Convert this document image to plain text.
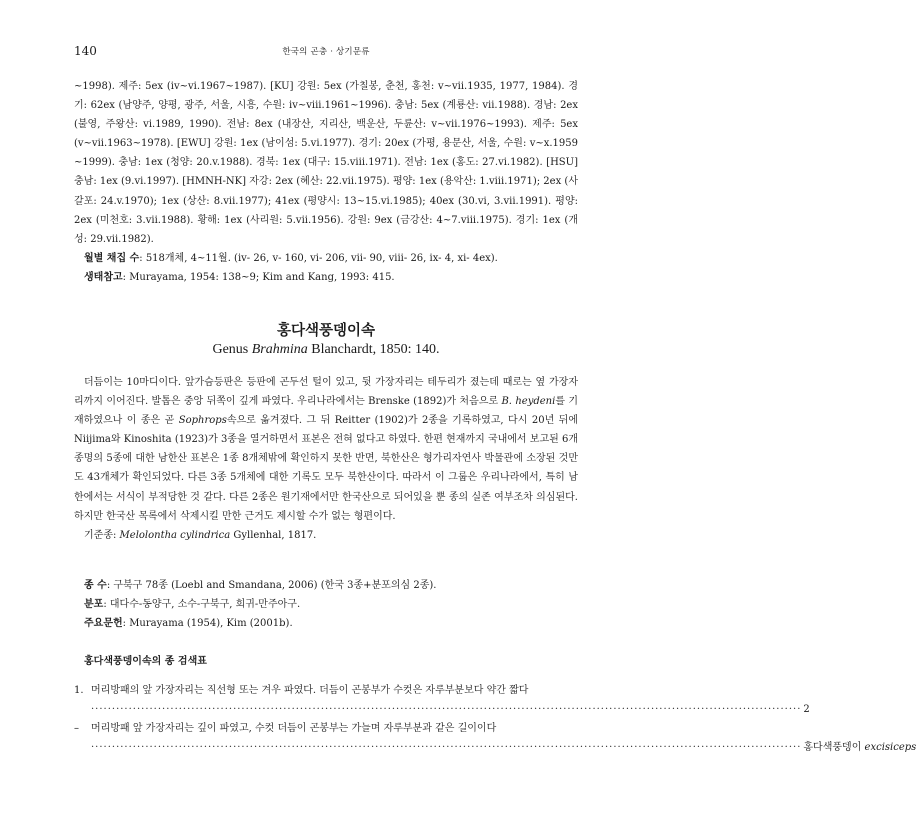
140	한국의 곤충 · 상기문류

~1998). 제주: 5ex (iv~vi.1967~1987). [KU] 강원: 5ex (가칠봉, 춘천, 홍천: v~vii.1935, 1977, 1984). 경기: 62ex (남양주, 양평, 광주, 서울, 시흥, 수원: iv~viii.1961~1996). 충남: 5ex (계룡산: vii.1988). 경남: 2ex (불영, 주왕산: vi.1989, 1990). 전남: 8ex (내장산, 지리산, 백운산, 두륜산: v~vii.1976~1993). 제주: 5ex (v~vii.1963~1978). [EWU] 강원: 1ex (남이섬: 5.vi.1977). 경기: 20ex (가평, 용문산, 서울, 수원: v~x.1959 ~1999). 충남: 1ex (청양: 20.v.1988). 경북: 1ex (대구: 15.viii.1971). 전남: 1ex (홍도: 27.vi.1982). [HSU] 충남: 1ex (9.vi.1997). [HMNH-NK] 자강: 2ex (혜산: 22.vii.1975). 평양: 1ex (용악산: 1.viii.1971); 2ex (사갈포: 24.v.1970); 1ex (상산: 8.vii.1977); 41ex (평양시: 13~15.vi.1985); 40ex (30.vi, 3.vii.1991). 평양: 2ex (미천호: 3.vii.1988). 황해: 1ex (사리원: 5.vii.1956). 강원: 9ex (금강산: 4~7.viii.1975). 경기: 1ex (개성: 29.vii.1982).

월별 채집 수: 518개체, 4~11월. (iv- 26, v- 160, vi- 206, vii- 90, viii- 26, ix- 4, xi- 4ex).

생태참고: Murayama, 1954: 138~9; Kim and Kang, 1993: 415.

홍다색풍뎅이속
Genus Brahmina Blanchardt, 1850: 140.

더듬이는 10마디이다. 앞가슴등판은 등판에 곤두선 털이 있고, 뒷 가장자리는 테두리가 졌는데 때로는 옆 가장자리까지 이어진다. 발톱은 중앙 뒤쪽이 깊게 파였다. 우리나라에서는 Brenske (1892)가 처음으로 B. heydeni를 기재하였으나 이 종은 곧 Sophrops속으로 옮겨졌다. 그 뒤 Reitter (1902)가 2종을 기록하였고, 다시 20년 뒤에 Niijima와 Kinoshita (1923)가 3종을 열거하면서 표본은 전혀 없다고 하였다. 한편 현재까지 국내에서 보고된 6개 종명의 5종에 대한 남한산 표본은 1종 8개체밖에 확인하지 못한 반면, 북한산은 형가리자연사 박물관에 소장된 것만도 43개체가 확인되었다. 다른 3종 5개체에 대한 기록도 모두 북한산이다. 따라서 이 그룹은 우리나라에서, 특히 남한에서는 서식이 부적당한 것 같다. 다른 2종은 원기재에서만 한국산으로 되어있을 뿐 종의 실존 여부조차 의심된다. 하지만 한국산 목록에서 삭제시킬 만한 근거도 제시할 수가 없는 형편이다.

기준종: Melolontha cylindrica Gyllenhal, 1817.

종 수: 구북구 78종 (Loebl and Smandana, 2006) (한국 3종+분포의심 2종).

분포: 대다수-동양구, 소수-구북구, 희귀-만주아구.

주요문헌: Murayama (1954), Kim (2001b).

홍다색풍뎅이속의 종 검색표

1. 머리방패의 앞 가장자리는 직선형 또는 겨우 파였다. 더듬이 곤봉부가 수컷은 자루부분보다 약간 짧다
·········································································································································································· 2
– 머리방패 앞 가장자리는 깊이 파였고, 수컷 더듬이 곤봉부는 가늘며 자루부분과 같은 길이이다
·········································································································································································· 홍다색풍뎅이 excisiceps
